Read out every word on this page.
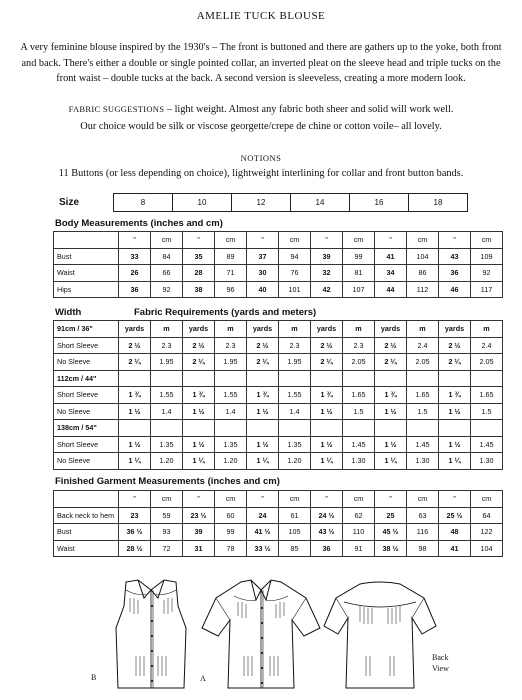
AMELIE TUCK BLOUSE
A very feminine blouse inspired by the 1930's – The front is buttoned and there are gathers up to the yoke, both front and back. There's either a double or single pointed collar, an inverted pleat on the sleeve head and triple tucks on the front waist – double tucks at the back. A second version is sleeveless, creating a more modern look.
FABRIC SUGGESTIONS – light weight. Almost any fabric both sheer and solid will work well.
Our choice would be silk or viscose georgette/crepe de chine or cotton voile– all lovely.
NOTIONS
11 Buttons (or less depending on choice), lightweight interlining for collar and front button bands.
Size	8	10	12	14	16	18
Body Measurements (inches and cm)
	"	cm	"	cm	"	cm	"	cm	"	cm	"	cm
Bust	33	84	35	89	37	94	39	99	41	104	43	109
Waist	26	66	28	71	30	76	32	81	34	86	36	92
Hips	36	92	38	96	40	101	42	107	44	112	46	117
Width	Fabric Requirements (yards and meters)
91cm / 36"	yards	m	yards	m	yards	m	yards	m	yards	m	yards	m
Short Sleeve	2 ½	2.3	2 ½	2.3	2 ½	2.3	2 ½	2.3	2 ½	2.4	2 ½	2.4
No Sleeve	2 ¼	1.95	2 ¼	1.95	2 ¼	1.95	2 ¼	2.05	2 ¼	2.05	2 ¼	2.05
112cm / 44"												
Short Sleeve	1 ¾	1.55	1 ¾	1.55	1 ¾	1.55	1 ¾	1.65	1 ¾	1.65	1 ¾	1.65
No Sleeve	1 ½	1.4	1 ½	1.4	1 ½	1.4	1 ½	1.5	1 ½	1.5	1 ½	1.5
138cm / 54"												
Short Sleeve	1 ½	1.35	1 ½	1.35	1 ½	1.35	1 ½	1.45	1 ½	1.45	1 ½	1.45
No Sleeve	1 ¼	1.20	1 ¼	1.20	1 ¼	1.20	1 ¼	1.30	1 ¼	1.30	1 ¼	1.30
Finished Garment Measurements (inches and cm)
	"	cm	"	cm	"	cm	"	cm	"	cm	"	cm
Back neck to hem	23	59	23 ½	60	24	61	24 ½	62	25	63	25 ½	64
Bust	36 ½	93	39	99	41 ½	105	43 ½	110	45 ½	116	48	122
Waist	28 ½	72	31	78	33 ½	85	36	91	38 ½	98	41	104
B	A
Back View
